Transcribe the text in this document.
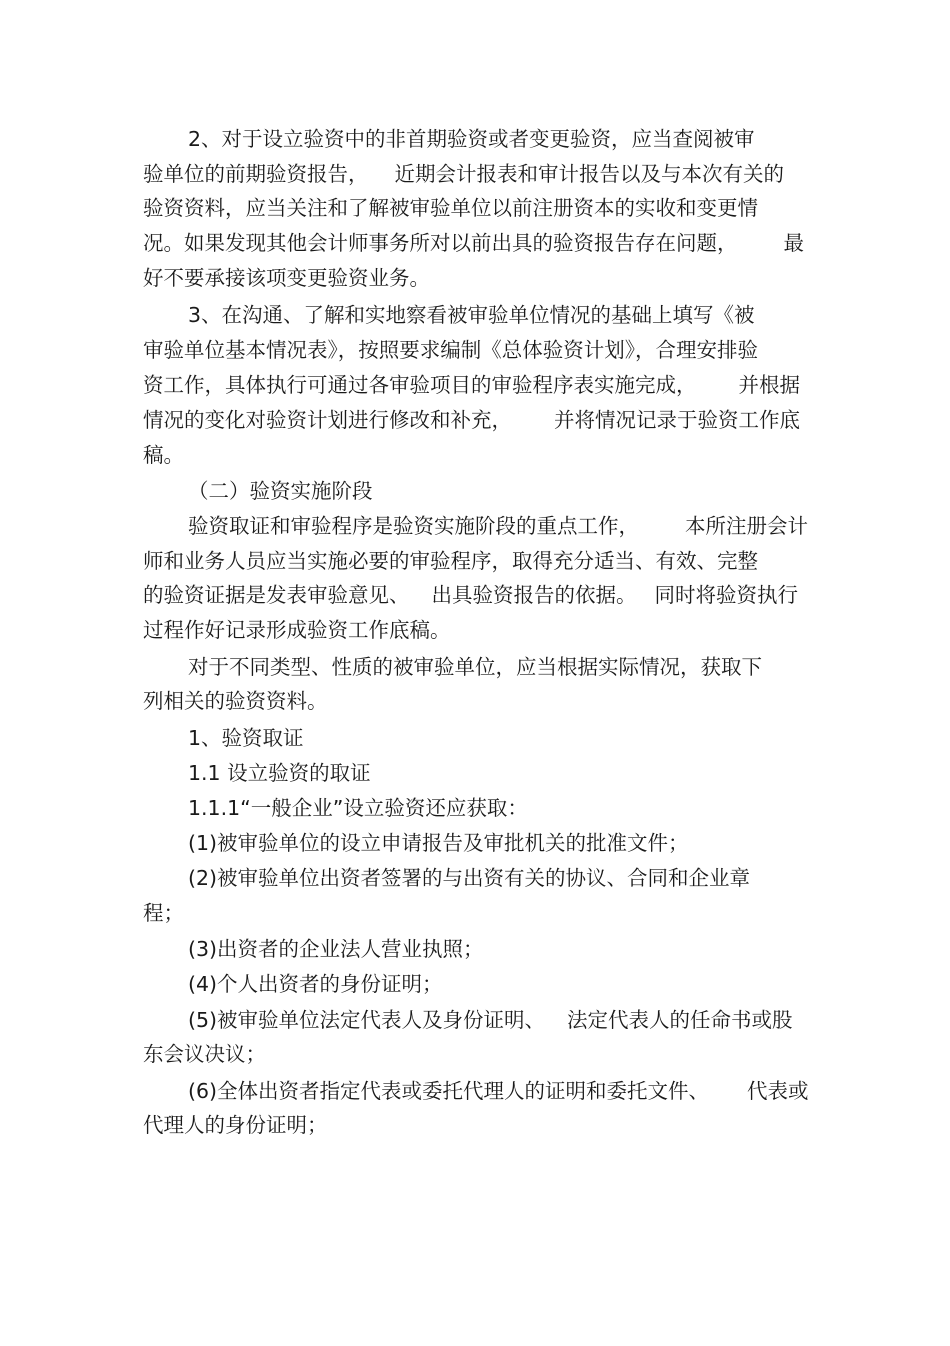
2、对于设立验资中的非首期验资或者变更验资，应当查阅被审

验单位的前期验资报告， 近期会计报表和审计报告以及与本次有关的

验资资料，应当关注和了解被审验单位以前注册资本的实收和变更情

况。如果发现其他会计师事务所对以前出具的验资报告存在问题， 最

好不要承接该项变更验资业务。

3、在沟通、了解和实地察看被审验单位情况的基础上填写《被

审验单位基本情况表》，按照要求编制《总体验资计划》，合理安排验

资工作，具体执行可通过各审验项目的审验程序表实施完成， 并根据

情况的变化对验资计划进行修改和补充， 并将情况记录于验资工作底

稿。

（二）验资实施阶段

验资取证和审验程序是验资实施阶段的重点工作， 本所注册会计

师和业务人员应当实施必要的审验程序，取得充分适当、有效、完整

的验资证据是发表审验意见、 出具验资报告的依据。 同时将验资执行

过程作好记录形成验资工作底稿。

对于不同类型、性质的被审验单位，应当根据实际情况，获取下

列相关的验资资料。

1、验资取证

1.1 设立验资的取证

1.1.1“一般企业”设立验资还应获取：

(1)被审验单位的设立申请报告及审批机关的批准文件；

(2)被审验单位出资者签署的与出资有关的协议、合同和企业章

程；

(3)出资者的企业法人营业执照；

(4)个人出资者的身份证明；

(5)被审验单位法定代表人及身份证明、 法定代表人的任命书或股

东会议决议；

(6)全体出资者指定代表或委托代理人的证明和委托文件、 代表或

代理人的身份证明；
